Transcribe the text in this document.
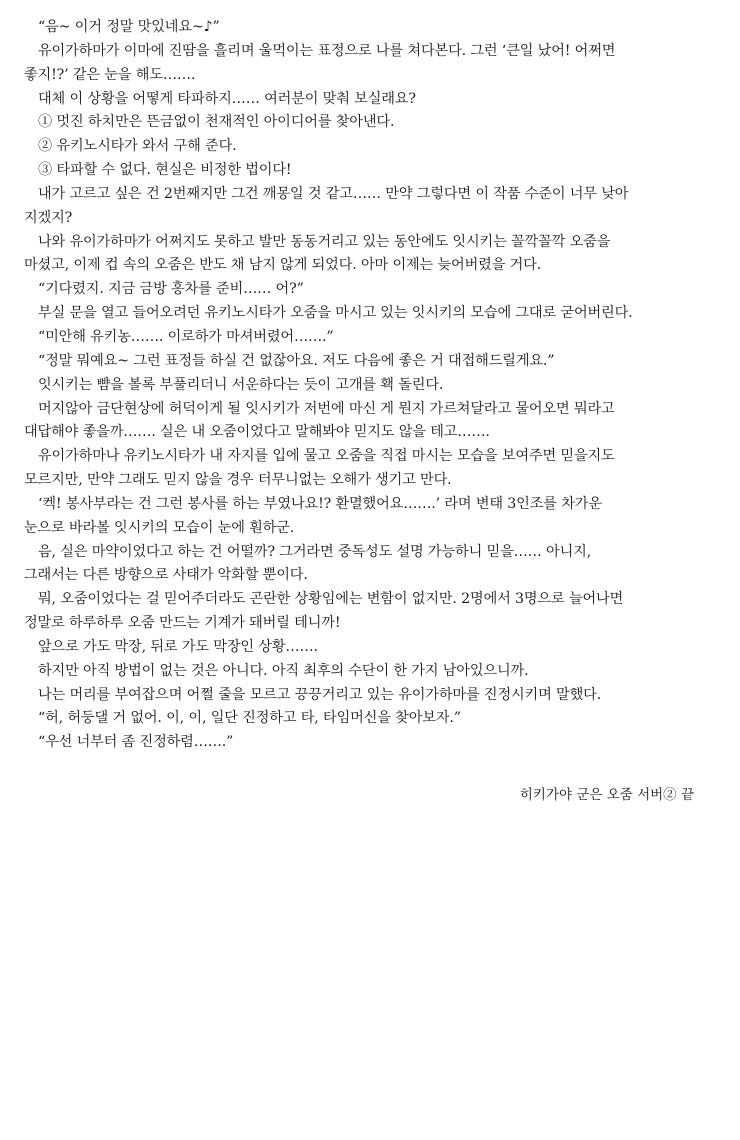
“음~ 이거 정말 맛있네요~♪”
유이가하마가 이마에 진땀을 흘리며 울먹이는 표정으로 나를 쳐다본다. 그런 ‘큰일 났어! 어쩌면
좋지!?’ 같은 눈을 해도…….
대체 이 상황을 어떻게 타파하지…… 여러분이 맞춰 보실래요?
① 멋진 하치만은 뜬금없이 천재적인 아이디어를 찾아낸다.
② 유키노시타가 와서 구해 준다.
③ 타파할 수 없다. 현실은 비정한 법이다!
내가 고르고 싶은 건 2번째지만 그건 깨몽일 것 같고…… 만약 그렇다면 이 작품 수준이 너무 낮아
지겠지?
나와 유이가하마가 어쩌지도 못하고 발만 동동거리고 있는 동안에도 잇시키는 꼴깍꼴깍 오줌을
마셨고, 이제 컵 속의 오줌은 반도 채 남지 않게 되었다. 아마 이제는 늦어버렸을 거다.
“기다렸지. 지금 금방 홍차를 준비…… 어?”
부실 문을 열고 들어오려던 유키노시타가 오줌을 마시고 있는 잇시키의 모습에 그대로 굳어버린다.
“미안해 유키농……. 이로하가 마셔버렸어…….”
“정말 뭐예요~ 그런 표정들 하실 건 없잖아요. 저도 다음에 좋은 거 대접해드릴게요.”
잇시키는 뺨을 볼록 부풀리더니 서운하다는 듯이 고개를 홱 돌린다.
머지않아 금단현상에 허덕이게 될 잇시키가 저번에 마신 게 뭔지 가르쳐달라고 물어오면 뭐라고
대답해야 좋을까……. 실은 내 오줌이었다고 말해봐야 믿지도 않을 테고…….
유이가하마나 유키노시타가 내 자지를 입에 물고 오줌을 직접 마시는 모습을 보여주면 믿을지도
모르지만, 만약 그래도 믿지 않을 경우 터무니없는 오해가 생기고 만다.
‘켁! 봉사부라는 건 그런 봉사를 하는 부였나요!? 환멸했어요…….’ 라며 변태 3인조를 차가운
눈으로 바라볼 잇시키의 모습이 눈에 훤하군.
음, 실은 마약이었다고 하는 건 어떨까? 그거라면 중독성도 설명 가능하니 믿을…… 아니지,
그래서는 다른 방향으로 사태가 악화할 뿐이다.
뭐, 오줌이었다는 걸 믿어주더라도 곤란한 상황임에는 변함이 없지만. 2명에서 3명으로 늘어나면
정말로 하루하루 오줌 만드는 기계가 돼버릴 테니까!
앞으로 가도 막장, 뒤로 가도 막장인 상황…….
하지만 아직 방법이 없는 것은 아니다. 아직 최후의 수단이 한 가지 남아있으니까.
나는 머리를 부여잡으며 어쩔 줄을 모르고 끙끙거리고 있는 유이가하마를 진정시키며 말했다.
“허, 허둥댈 거 없어. 이, 이, 일단 진정하고 타, 타임머신을 찾아보자.”
“우선 너부터 좀 진정하렴…….”
히키가야 군은 오줌 서버② 끝
